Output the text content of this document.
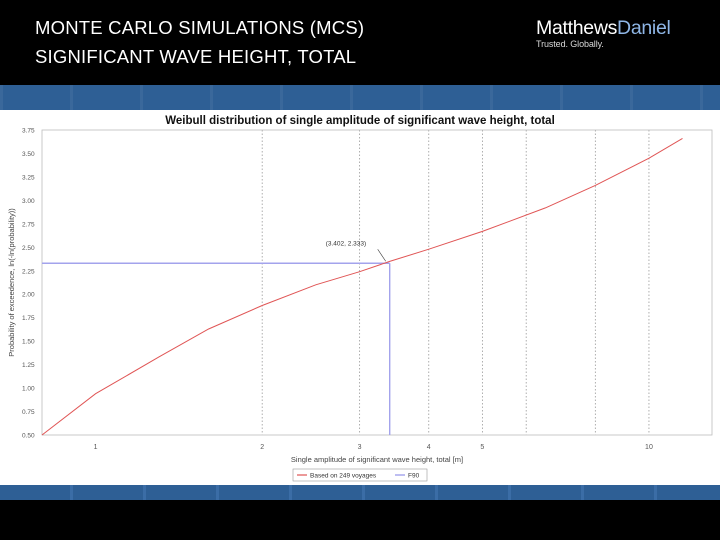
MONTE CARLO SIMULATIONS (MCS)
SIGNIFICANT WAVE HEIGHT, TOTAL
MatthewsDaniel
Trusted. Globally.
Weibull distribution of single amplitude of significant wave height, total
1	2	3	4	5	10
0.50
0.75
1.00
1.25
1.50
1.75
2.00
2.25
2.50
2.75
3.00
3.25
3.50
3.75
(3.402, 2.333)
Single amplitude of significant wave height, total [m]
Probability of exceedence, ln(-ln(probability))
Based on 249 voyages	F90
